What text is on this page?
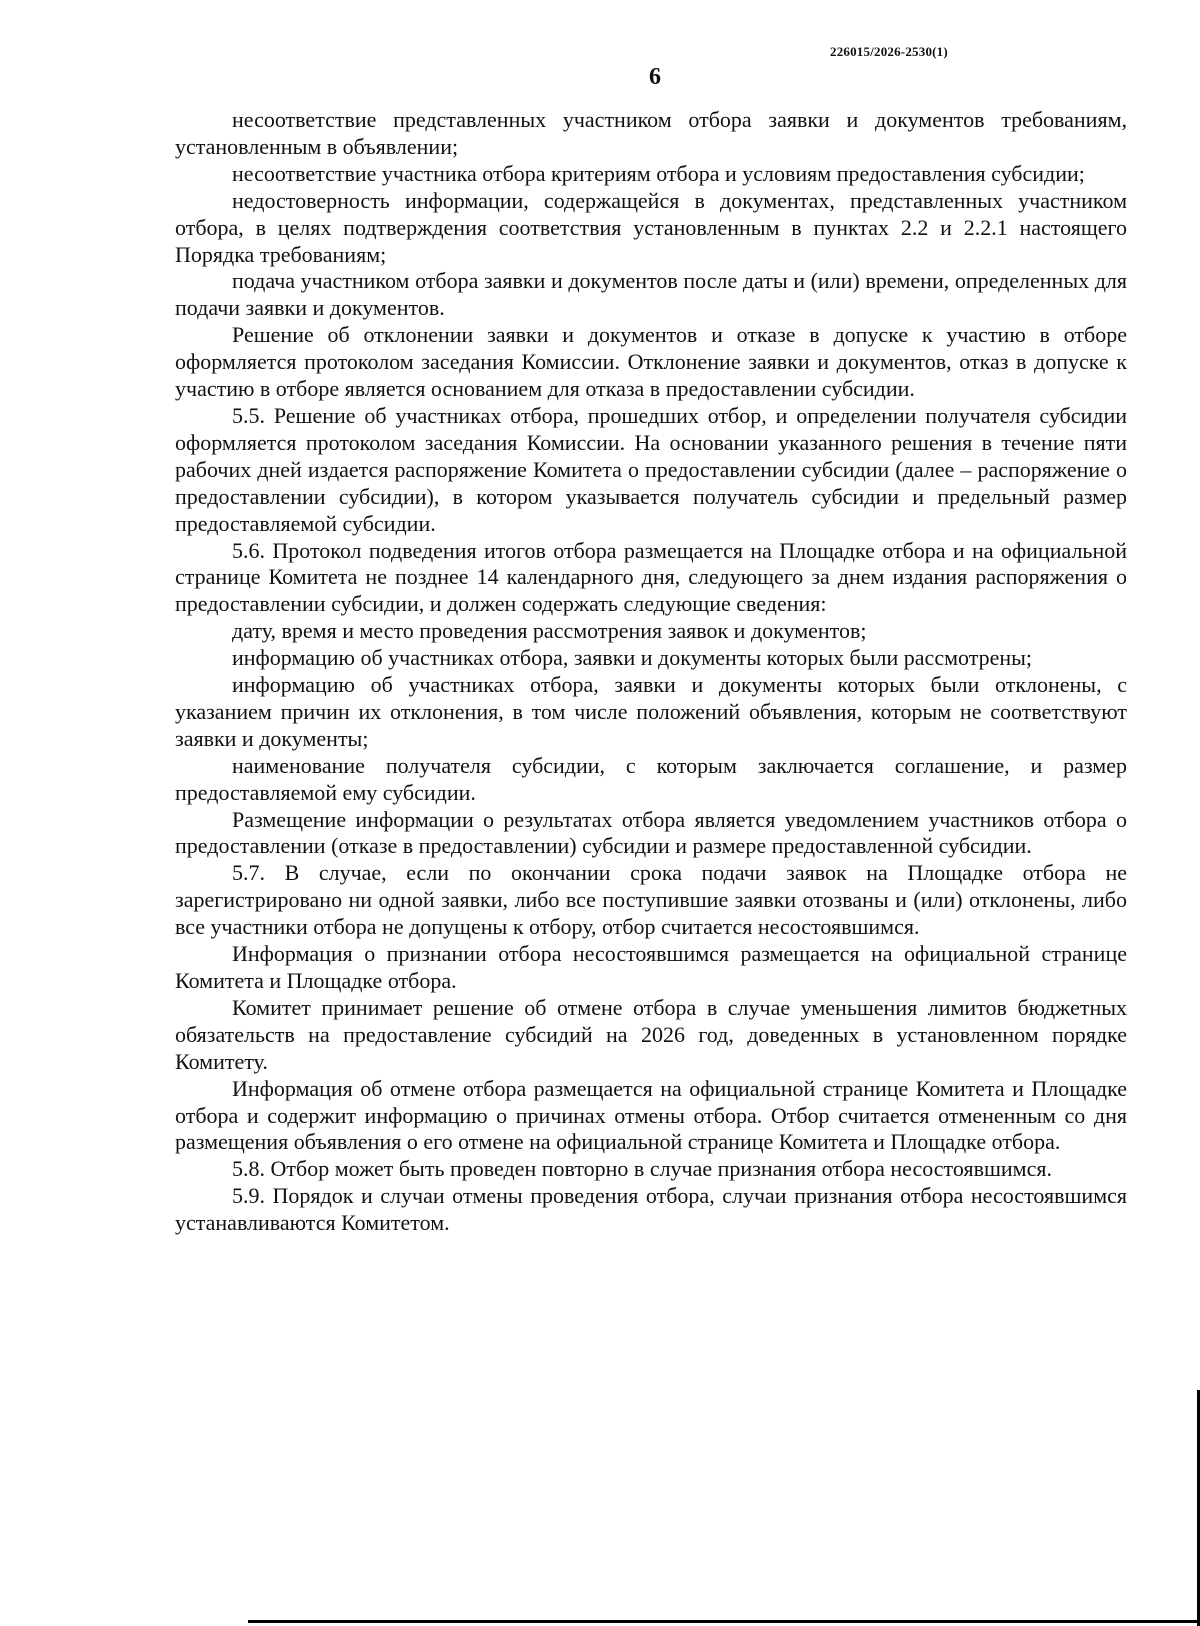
226015/2026-2530(1)
6

несоответствие представленных участником отбора заявки и документов требованиям, установленным в объявлении;

несоответствие участника отбора критериям отбора и условиям предоставления субсидии;

недостоверность информации, содержащейся в документах, представленных участником отбора, в целях подтверждения соответствия установленным в пунктах 2.2 и 2.2.1 настоящего Порядка требованиям;

подача участником отбора заявки и документов после даты и (или) времени, определенных для подачи заявки и документов.

Решение об отклонении заявки и документов и отказе в допуске к участию в отборе оформляется протоколом заседания Комиссии. Отклонение заявки и документов, отказ в допуске к участию в отборе является основанием для отказа в предоставлении субсидии.

5.5. Решение об участниках отбора, прошедших отбор, и определении получателя субсидии оформляется протоколом заседания Комиссии. На основании указанного решения в течение пяти рабочих дней издается распоряжение Комитета о предоставлении субсидии (далее – распоряжение о предоставлении субсидии), в котором указывается получатель субсидии и предельный размер предоставляемой субсидии.

5.6. Протокол подведения итогов отбора размещается на Площадке отбора и на официальной странице Комитета не позднее 14 календарного дня, следующего за днем издания распоряжения о предоставлении субсидии, и должен содержать следующие сведения:

дату, время и место проведения рассмотрения заявок и документов;

информацию об участниках отбора, заявки и документы которых были рассмотрены;

информацию об участниках отбора, заявки и документы которых были отклонены, с указанием причин их отклонения, в том числе положений объявления, которым не соответствуют заявки и документы;

наименование получателя субсидии, с которым заключается соглашение, и размер предоставляемой ему субсидии.

Размещение информации о результатах отбора является уведомлением участников отбора о предоставлении (отказе в предоставлении) субсидии и размере предоставленной субсидии.

5.7. В случае, если по окончании срока подачи заявок на Площадке отбора не зарегистрировано ни одной заявки, либо все поступившие заявки отозваны и (или) отклонены, либо все участники отбора не допущены к отбору, отбор считается несостоявшимся.

Информация о признании отбора несостоявшимся размещается на официальной странице Комитета и Площадке отбора.

Комитет принимает решение об отмене отбора в случае уменьшения лимитов бюджетных обязательств на предоставление субсидий на 2026 год, доведенных в установленном порядке Комитету.

Информация об отмене отбора размещается на официальной странице Комитета и Площадке отбора и содержит информацию о причинах отмены отбора. Отбор считается отмененным со дня размещения объявления о его отмене на официальной странице Комитета и Площадке отбора.

5.8. Отбор может быть проведен повторно в случае признания отбора несостоявшимся.

5.9. Порядок и случаи отмены проведения отбора, случаи признания отбора несостоявшимся устанавливаются Комитетом.
